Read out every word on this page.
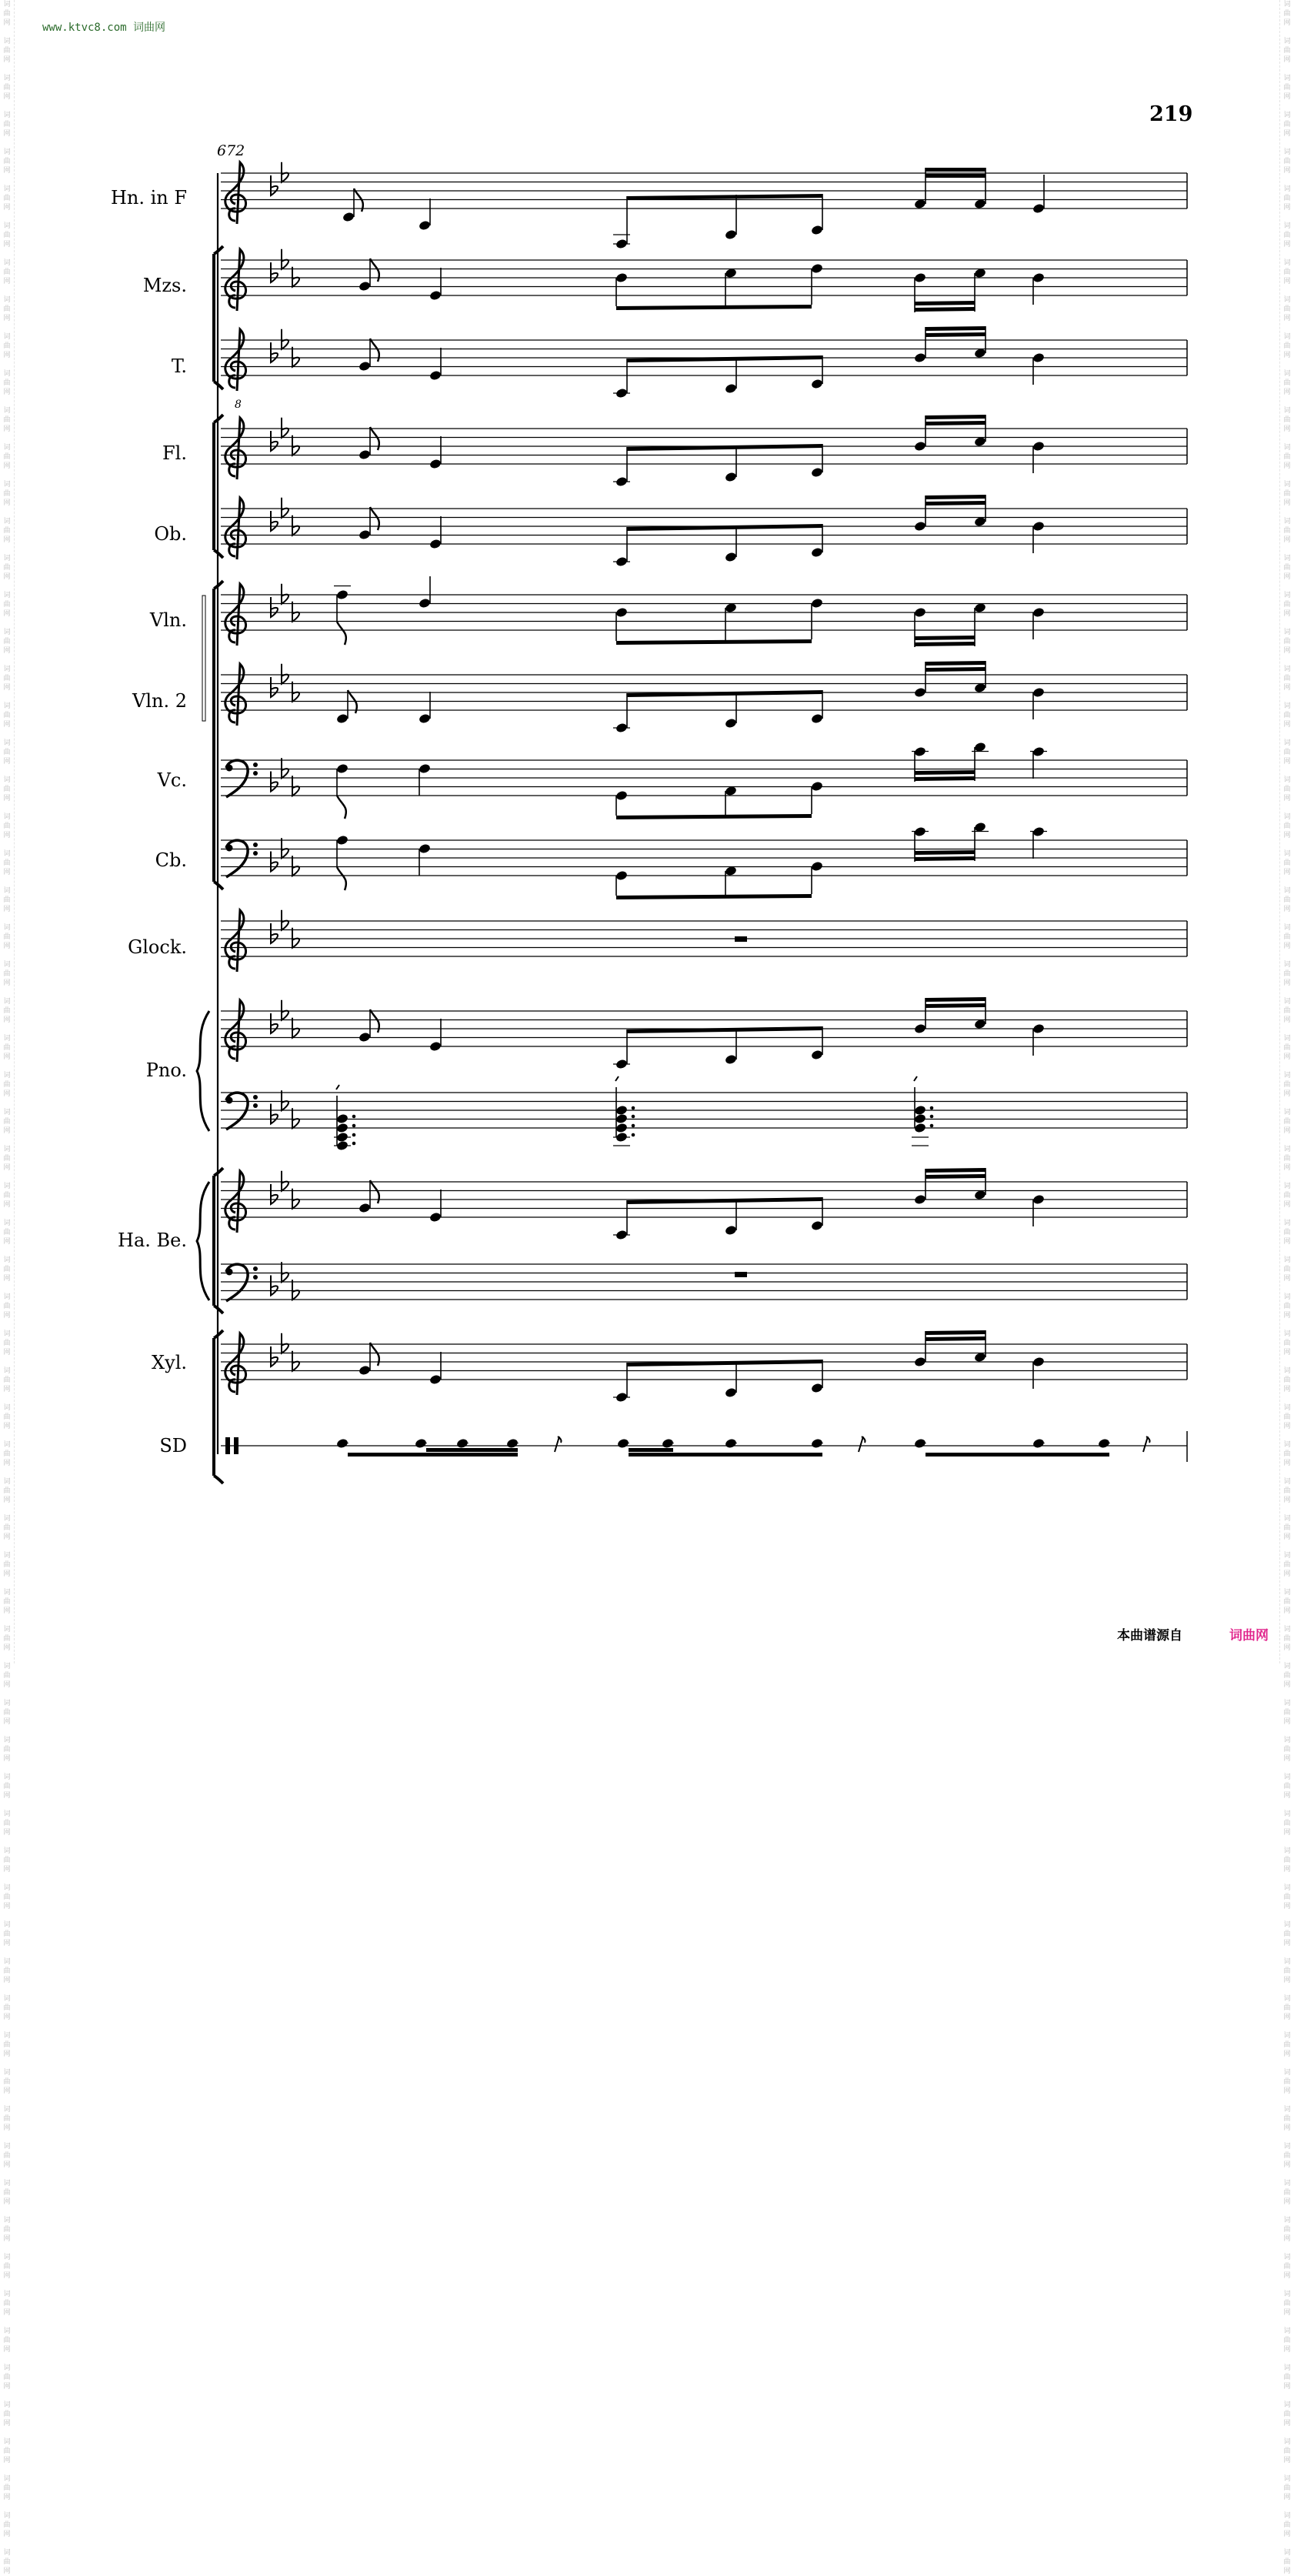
词
曲
网

词
曲
网

词
曲
网

词
曲
网

词
曲
网

词
曲
网

词
曲
网

词
曲
网

词
曲
网

词
曲
网

词
曲
网

词
曲
网

词
曲
网

词
曲
网

词
曲
网

词
曲
网

词
曲
网

词
曲
网

词
曲
网

词
曲
网

词
曲
网

词
曲
网

词
曲
网

词
曲
网

词
曲
网

词
曲
网

词
曲
网

词
曲
网

词
曲
网

词
曲
网

词
曲
网

词
曲
网

词
曲
网

词
曲
网

词
曲
网

词
曲
网

词
曲
网

词
曲
网

词
曲
网

词
曲
网

词
曲
网

词
曲
网

词
曲
网

词
曲
网

词
曲
网

词
曲
网

词
曲
网

词
曲
网

词
曲
网

词
曲
网

词
曲
网

词
曲
网

词
曲
网

词
曲
网

词
曲
网

词
曲
网

词
曲
网

词
曲
网

词
曲
网

词
曲
网

词
曲
网

词
曲
网

词
曲
网

词
曲
网

词
曲
网

词
曲
网

词
曲
网

词
曲
网

词
曲
网

词
曲
网

词
曲
网

词
曲
网

词
曲
网

词
曲
网

词
曲
网

词
曲
网

词
曲
网

词
曲
网

词
曲
网

词
曲
网

词
曲
网

词
曲
网

词
曲
网

词
曲
网

词
曲
网

词
曲
网

词
曲
网

词
曲
网

词
曲
网

词
曲
网

词
曲
网

词
曲
网

词
曲
网

词
曲
网

词
曲
网

词
曲
网

词
曲
网

词
曲
网

词
曲
网

词
曲
网

词
曲
网

词
曲
网

词
曲
网

词
曲
网

词
曲
网

词
曲
网

词
曲
网

词
曲
网

词
曲
网

词
曲
网

词
曲
网

词
曲
网

词
曲
网

词
曲
网

词
曲
网

词
曲
网

词
曲
网

词
曲
网

词
曲
网

词
曲
网

词
曲
网

词
曲
网

词
曲
网

词
曲
网

词
曲
网

词
曲
网

词
曲
网

词
曲
网

词
曲
网

词
曲
网

词
曲
网

词
曲
网

词
曲
网

词
曲
网

词
曲
网

词
曲
网

词
曲
网

词
曲
网

词
曲
网

词
曲
网

www.ktvc8.com 词曲网
219
672
Hn. in F
Mzs.
T.
Fl.
Ob.
Vln.
Vln. 2
Vc.
Cb.
Glock.
Pno.
Ha. Be.
Xyl.
SD
8
本曲谱源自	词曲网
